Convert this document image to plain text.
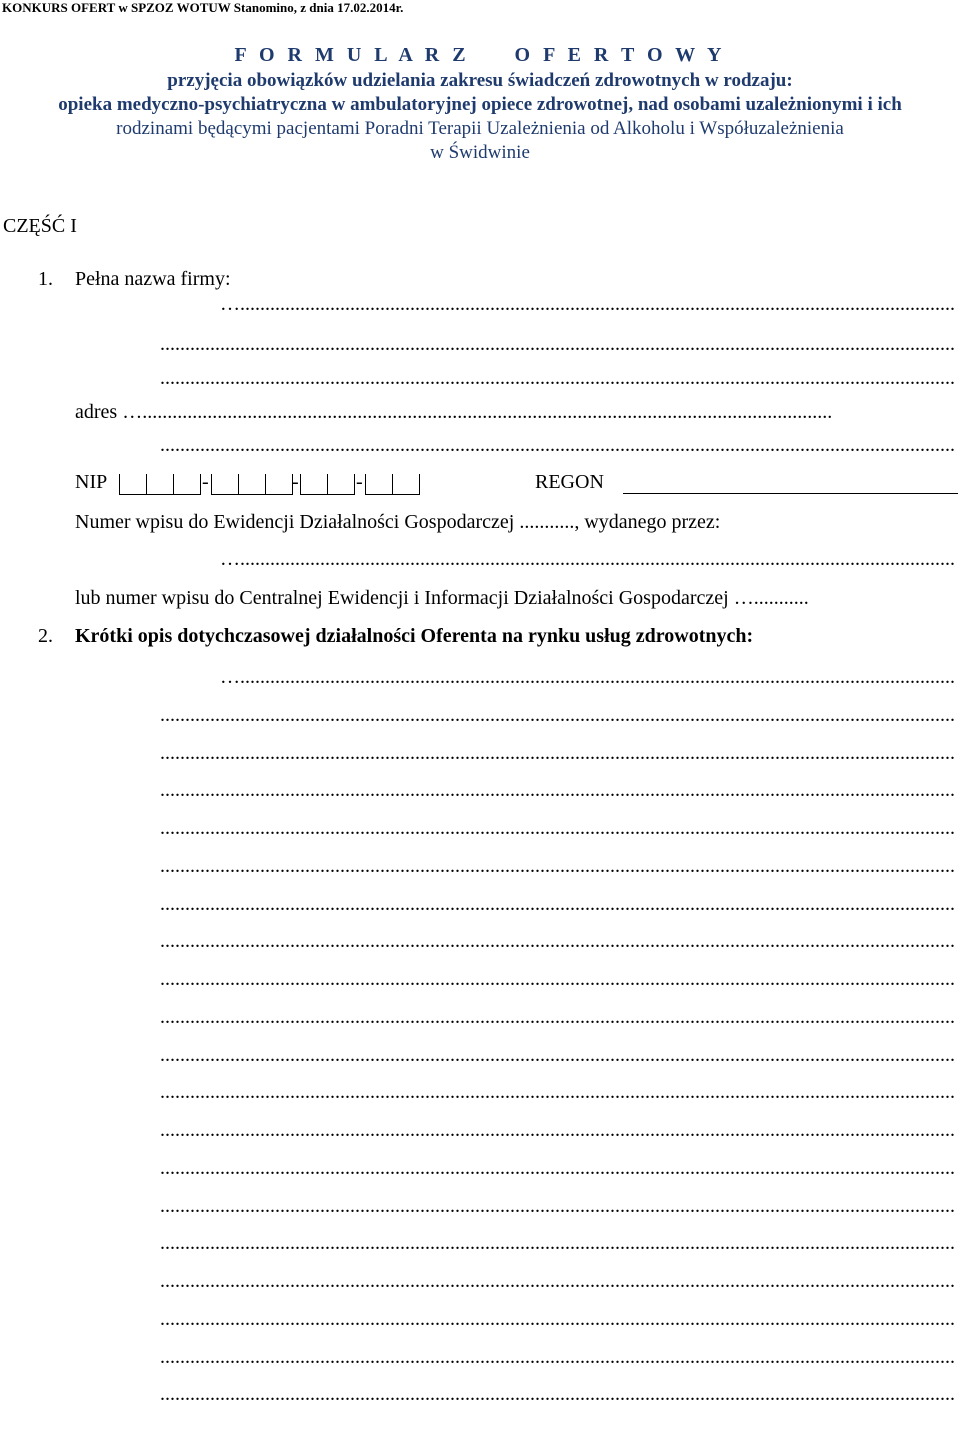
KONKURS OFERT w SPZOZ WOTUW Stanomino, z dnia 17.02.2014r.
F O R M U L A R Z     O F E R T O W Y
przyjęcia obowiązków udzielania zakresu świadczeń zdrowotnych w rodzaju:
opieka medyczno-psychiatryczna w ambulatoryjnej opiece zdrowotnej, nad osobami uzależnionymi i ich
rodzinami będącymi pacjentami Poradni Terapii Uzależnienia od Alkoholu i Współuzależnienia
w Świdwinie
CZĘŚĆ I
1. Pełna nazwa firmy:
…...............................................................................................................................................
...............................................................................................................................................................
...............................................................................................................................................................
adres …..........................................................................................................................................
...............................................................................................................................................................
NIP	-	-	-	REGON
Numer wpisu do Ewidencji Działalności Gospodarczej ..........., wydanego przez:
…...............................................................................................................................................
lub numer wpisu do Centralnej Ewidencji i Informacji Działalności Gospodarczej …...........
2. Krótki opis dotychczasowej działalności Oferenta na rynku usług zdrowotnych:
…...............................................................................................................................................
...............................................................................................................................................................
...............................................................................................................................................................
...............................................................................................................................................................
...............................................................................................................................................................
...............................................................................................................................................................
...............................................................................................................................................................
...............................................................................................................................................................
...............................................................................................................................................................
...............................................................................................................................................................
...............................................................................................................................................................
...............................................................................................................................................................
...............................................................................................................................................................
...............................................................................................................................................................
...............................................................................................................................................................
...............................................................................................................................................................
...............................................................................................................................................................
...............................................................................................................................................................
...............................................................................................................................................................
...............................................................................................................................................................
